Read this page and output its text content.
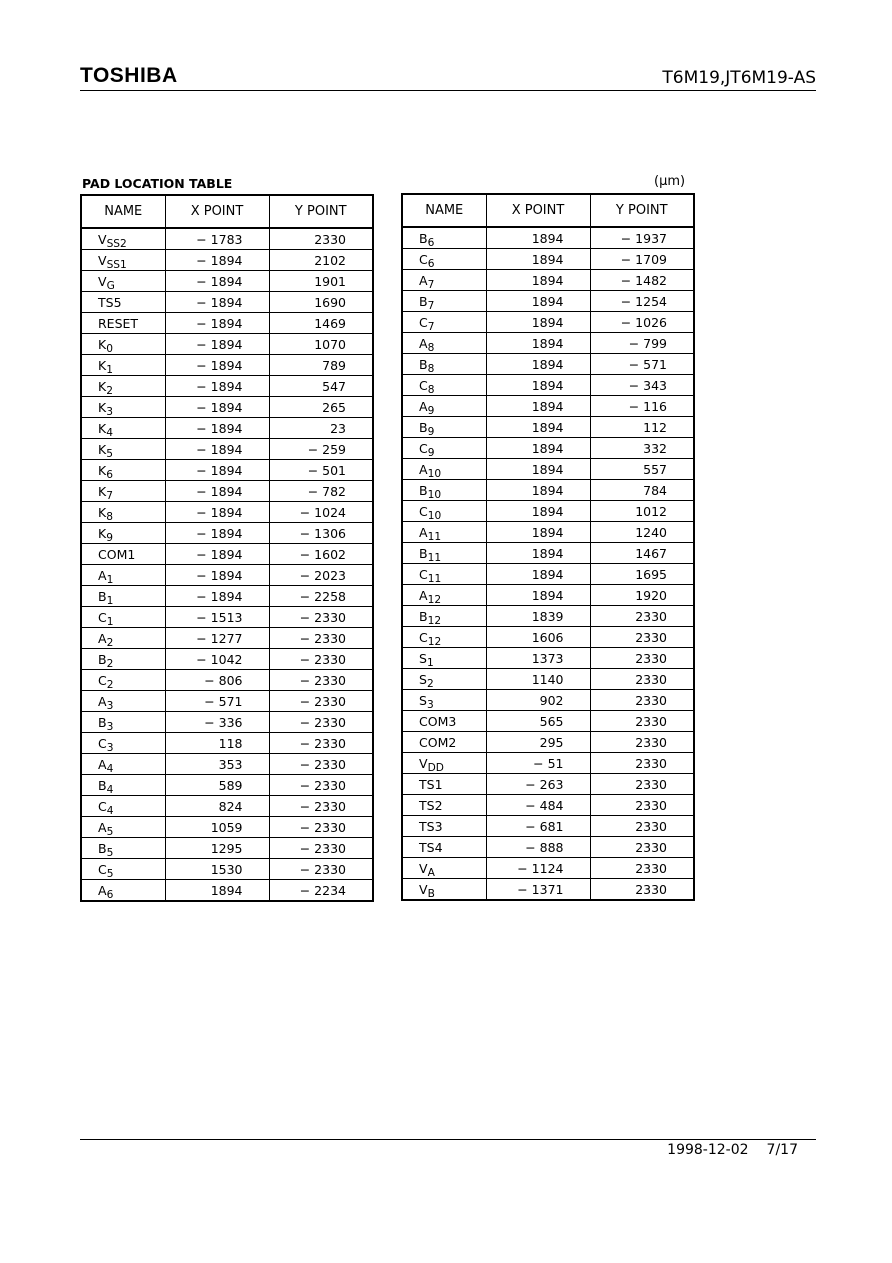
TOSHIBA	T6M19,JT6M19-AS
PAD LOCATION TABLE	(μm)
NAME	X POINT	Y POINT
$V_{SS2}$	− 1783	2330
$V_{SS1}$	− 1894	2102
$V_G$	− 1894	1901
TS5	− 1894	1690
RESET	− 1894	1469
$K_0$	− 1894	1070
$K_1$	− 1894	789
$K_2$	− 1894	547
$K_3$	− 1894	265
$K_4$	− 1894	23
$K_5$	− 1894	− 259
$K_6$	− 1894	− 501
$K_7$	− 1894	− 782
$K_8$	− 1894	− 1024
$K_9$	− 1894	− 1306
COM1	− 1894	− 1602
$A_1$	− 1894	− 2023
$B_1$	− 1894	− 2258
$C_1$	− 1513	− 2330
$A_2$	− 1277	− 2330
$B_2$	− 1042	− 2330
$C_2$	− 806	− 2330
$A_3$	− 571	− 2330
$B_3$	− 336	− 2330
$C_3$	118	− 2330
$A_4$	353	− 2330
$B_4$	589	− 2330
$C_4$	824	− 2330
$A_5$	1059	− 2330
$B_5$	1295	− 2330
$C_5$	1530	− 2330
$A_6$	1894	− 2234
NAME	X POINT	Y POINT
$B_6$	1894	− 1937
$C_6$	1894	− 1709
$A_7$	1894	− 1482
$B_7$	1894	− 1254
$C_7$	1894	− 1026
$A_8$	1894	− 799
$B_8$	1894	− 571
$C_8$	1894	− 343
$A_9$	1894	− 116
$B_9$	1894	112
$C_9$	1894	332
$A_{10}$	1894	557
$B_{10}$	1894	784
$C_{10}$	1894	1012
$A_{11}$	1894	1240
$B_{11}$	1894	1467
$C_{11}$	1894	1695
$A_{12}$	1894	1920
$B_{12}$	1839	2330
$C_{12}$	1606	2330
$S_1$	1373	2330
$S_2$	1140	2330
$S_3$	902	2330
COM3	565	2330
COM2	295	2330
$V_{DD}$	− 51	2330
TS1	− 263	2330
TS2	− 484	2330
TS3	− 681	2330
TS4	− 888	2330
$V_A$	− 1124	2330
$V_B$	− 1371	2330
1998-12-02 7/17
